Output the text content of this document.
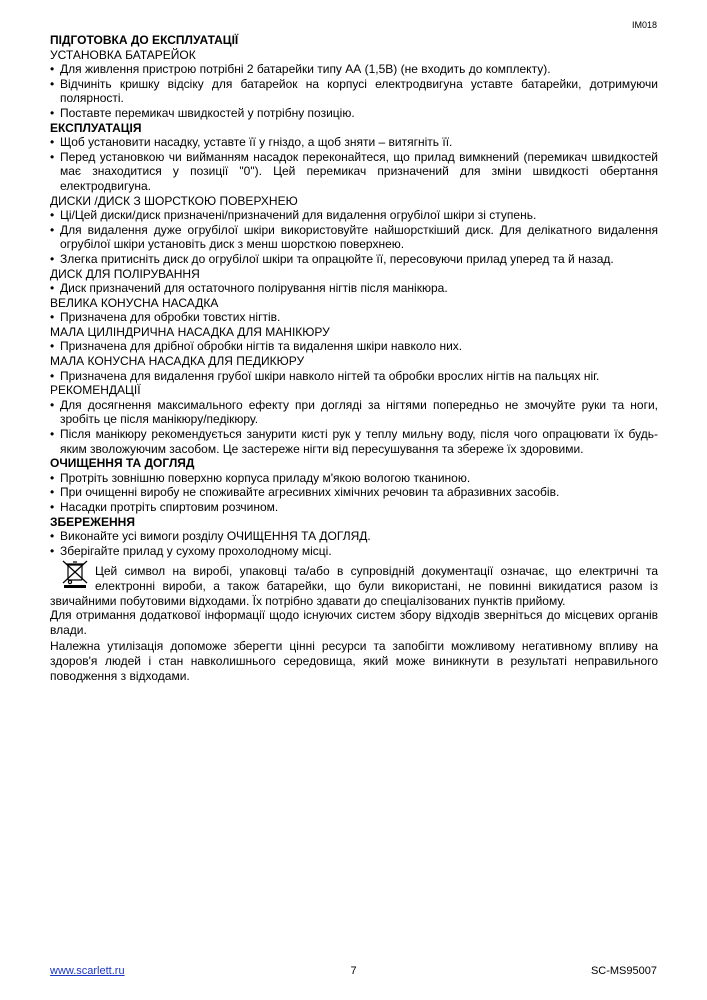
IM018
ПІДГОТОВКА ДО ЕКСПЛУАТАЦІЇ
УСТАНОВКА БАТАРЕЙОК
• Для живлення пристрою потрібні 2 батарейки типу АА (1,5В) (не входить до комплекту).
• Відчиніть кришку відсіку для батарейок на корпусі електродвигуна уставте батарейки, дотримуючи полярності.
• Поставте перемикач швидкостей у потрібну позицію.
ЕКСПЛУАТАЦІЯ
• Щоб установити насадку, уставте її у гніздо, а щоб зняти – витягніть її.
• Перед установкою чи вийманням насадок переконайтеся, що прилад вимкнений (перемикач швидкостей має знаходитися у позиції "0"). Цей перемикач призначений для зміни швидкості обертання електродвигуна.
ДИСКИ /ДИСК З ШОРСТКОЮ ПОВЕРХНЕЮ
• Ці/Цей диски/диск призначені/призначений для видалення огрубілої шкіри зі ступень.
• Для видалення дуже огрубілої шкіри використовуйте найшорсткіший диск. Для делікатного видалення огрубілої шкіри установіть диск з менш шорсткою поверхнею.
• Злегка притисніть диск до огрубілої шкіри та опрацюйте її, пересовуючи прилад уперед та й назад.
ДИСК ДЛЯ ПОЛІРУВАННЯ
• Диск призначений для остаточного полірування нігтів після манікюра.
ВЕЛИКА КОНУСНА НАСАДКА
• Призначена для обробки товстих нігтів.
МАЛА ЦИЛІНДРИЧНА НАСАДКА ДЛЯ МАНІКЮРУ
• Призначена для дрібної обробки нігтів та видалення шкіри навколо них.
МАЛА КОНУСНА НАСАДКА ДЛЯ ПЕДИКЮРУ
• Призначена для видалення грубої шкіри навколо нігтей та обробки врослих нігтів на пальцях ніг.
РЕКОМЕНДАЦІЇ
• Для досягнення максимального ефекту при догляді за нігтями попередньо не змочуйте руки та ноги, зробіть це після манікюру/педікюру.
• Після манікюру рекомендується занурити кисті рук у теплу мильну воду, після чого опрацювати їх будь-яким зволожуючим засобом. Це застереже нігти від пересушування та збереже їх здоровими.
ОЧИЩЕННЯ ТА ДОГЛЯД
• Протріть зовнішню поверхню корпуса приладу м'якою вологою тканиною.
• При очищенні виробу не споживайте агресивних хімічних речовин та абразивних засобів.
• Насадки протріть спиртовим розчином.
ЗБЕРЕЖЕННЯ
• Виконайте усі вимоги розділу ОЧИЩЕННЯ ТА ДОГЛЯД.
• Зберігайте прилад у сухому прохолодному місці.
Цей символ на виробі, упаковці та/або в супровідній документації означає, що електричні та електронні вироби, а також батарейки, що були використані, не повинні викидатися разом із звичайними побутовими відходами. Їх потрібно здавати до спеціалізованих пунктів прийому.
Для отримання додаткової інформації щодо існуючих систем збору відходів зверніться до місцевих органів влади.
Належна утилізація допоможе зберегти цінні ресурси та запобігти можливому негативному впливу на здоров'я людей і стан навколишнього середовища, який може виникнути в результаті неправильного поводження з відходами.
www.scarlett.ru	7	SC-MS95007
